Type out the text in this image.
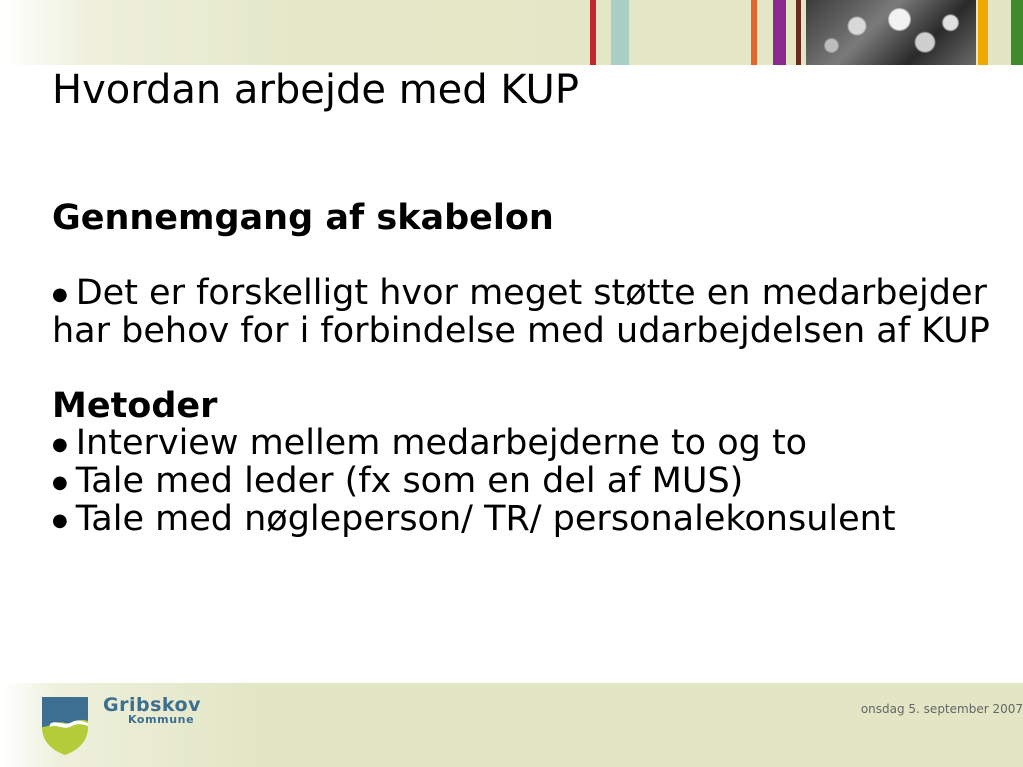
Hvordan arbejde med KUP

Gennemgang af skabelon

● Det er forskelligt hvor meget støtte en medarbejder har behov for i forbindelse med udarbejdelsen af KUP

Metoder

● Interview mellem medarbejderne to og to

● Tale med leder (fx som en del af MUS)

● Tale med nøgleperson/ TR/ personalekonsulent

Gribskov
Kommune
onsdag 5. september 2007
